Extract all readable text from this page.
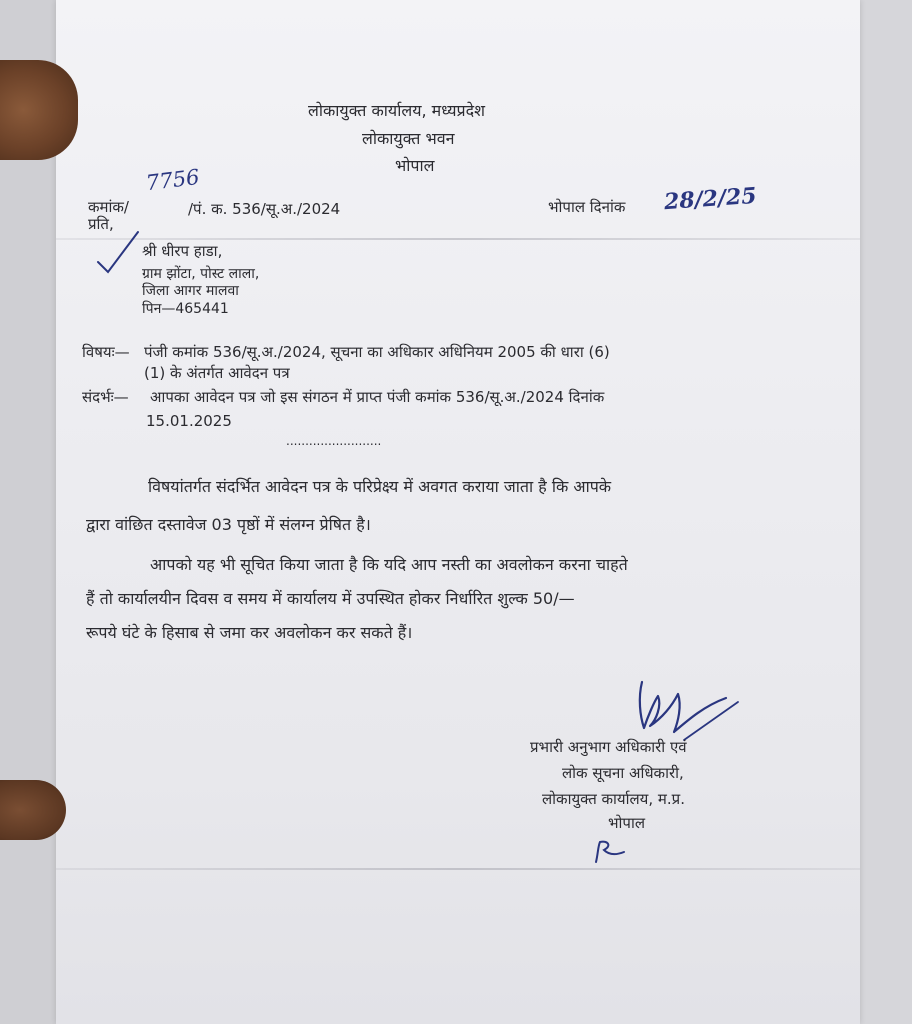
लोकायुक्त कार्यालय, मध्यप्रदेश
लोकायुक्त भवन
भोपाल
कमांक/
7756
/पं. क. 536/सू.अ./2024	भोपाल दिनांक 28/2/25
प्रति,
श्री धीरप हाडा,
ग्राम झोंटा, पोस्ट लाला,
जिला आगर मालवा
पिन—465441
विषयः— पंजी कमांक 536/सू.अ./2024, सूचना का अधिकार अधिनियम 2005 की धारा (6)
(1) के अंतर्गत आवेदन पत्र
संदर्भः— आपका आवेदन पत्र जो इस संगठन में प्राप्त पंजी कमांक 536/सू.अ./2024 दिनांक
15.01.2025
.........................
विषयांतर्गत संदर्भित आवेदन पत्र के परिप्रेक्ष्य में अवगत कराया जाता है कि आपके
द्वारा वांछित दस्तावेज 03 पृष्ठों में संलग्न प्रेषित है।
आपको यह भी सूचित किया जाता है कि यदि आप नस्ती का अवलोकन करना चाहते
हैं तो कार्यालयीन दिवस व समय में कार्यालय में उपस्थित होकर निर्धारित शुल्क 50/—
रूपये घंटे के हिसाब से जमा कर अवलोकन कर सकते हैं।
प्रभारी अनुभाग अधिकारी एवं
लोक सूचना अधिकारी,
लोकायुक्त कार्यालय, म.प्र.
भोपाल
